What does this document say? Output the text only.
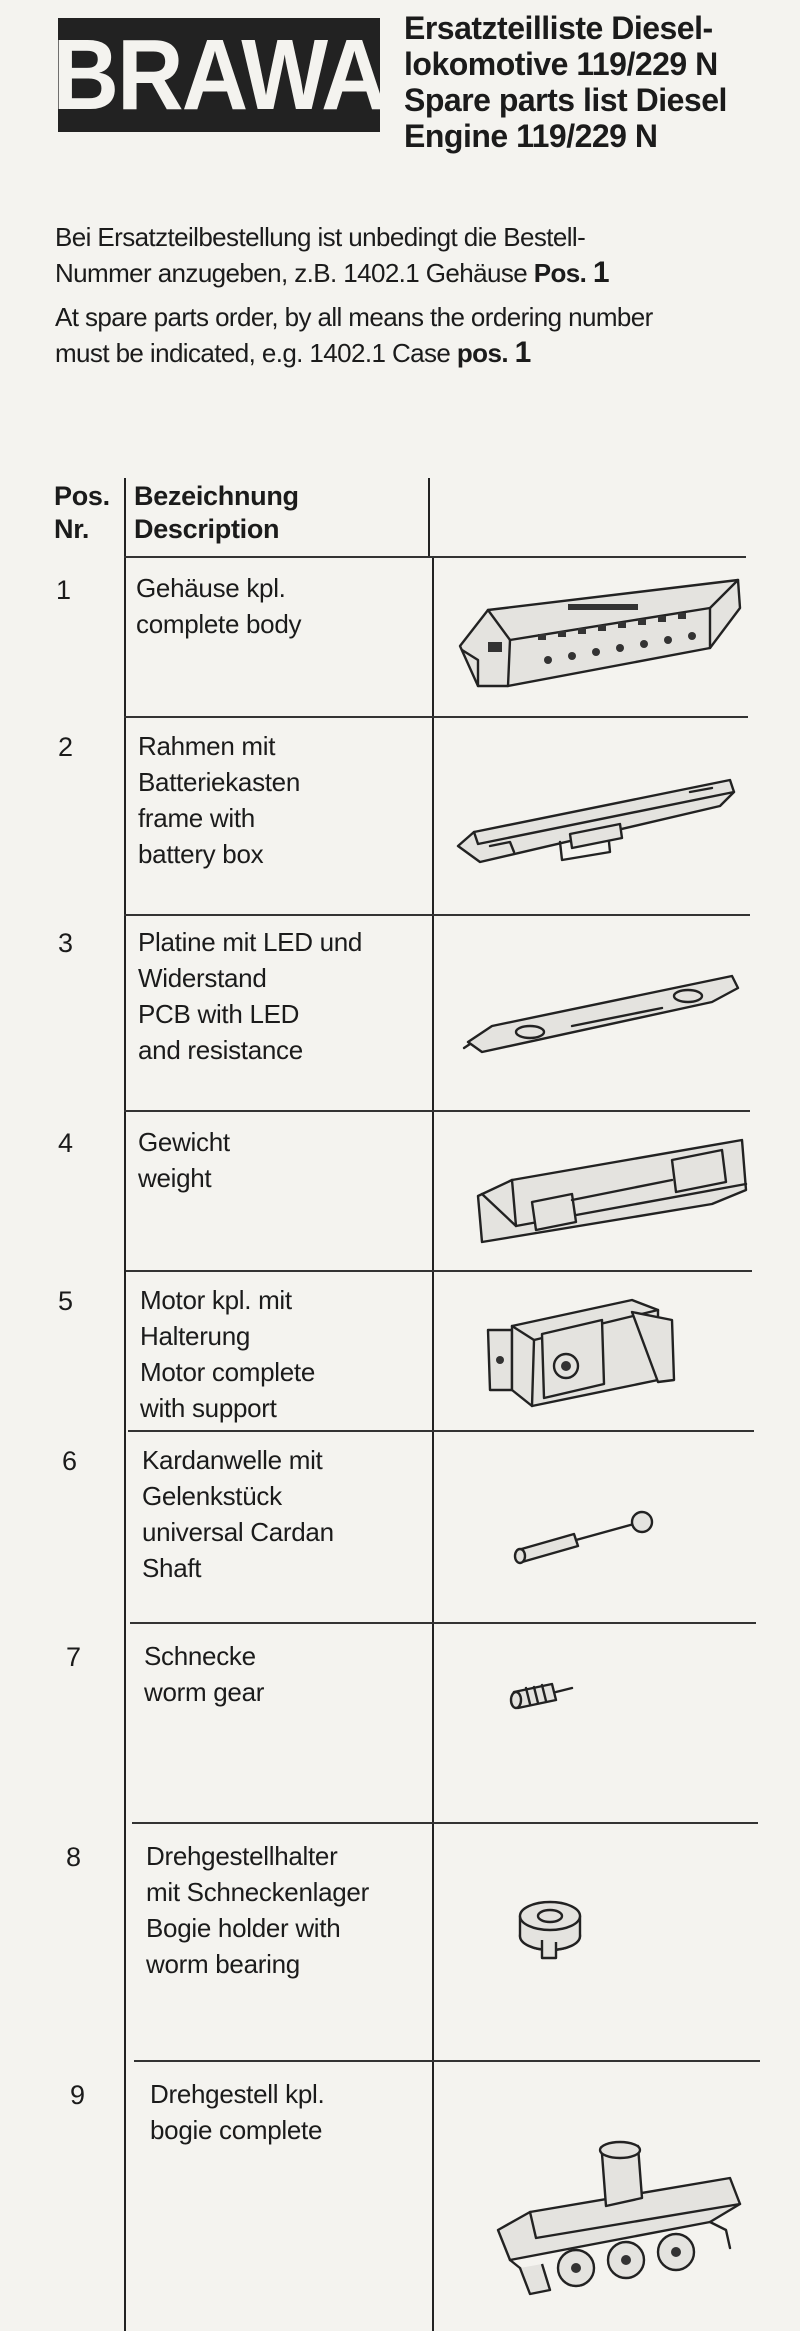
BRAWA Ersatzteilliste Diesel-
lokomotive 119/229 N
Spare parts list Diesel
Engine 119/229 N

Bei Ersatzteilbestellung ist unbedingt die Bestell-
Nummer anzugeben, z.B. 1402.1 Gehäuse Pos. 1

At spare parts order, by all means the ordering number
must be indicated, e.g. 1402.1 Case pos. 1

Pos.
Nr.
Bezeichnung
Description
1 Gehäuse kpl.
complete body
2 Rahmen mit
Batteriekasten
frame with
battery box
3 Platine mit LED und
Widerstand
PCB with LED
and resistance
4 Gewicht
weight
5	Motor kpl. mit
Halterung
Motor complete
with support
6 Kardanwelle mit
Gelenkstück
universal Cardan
Shaft
7 Schnecke
worm gear
8 Drehgestellhalter
mit Schneckenlager
Bogie holder with
worm bearing
9 Drehgestell kpl.
bogie complete
